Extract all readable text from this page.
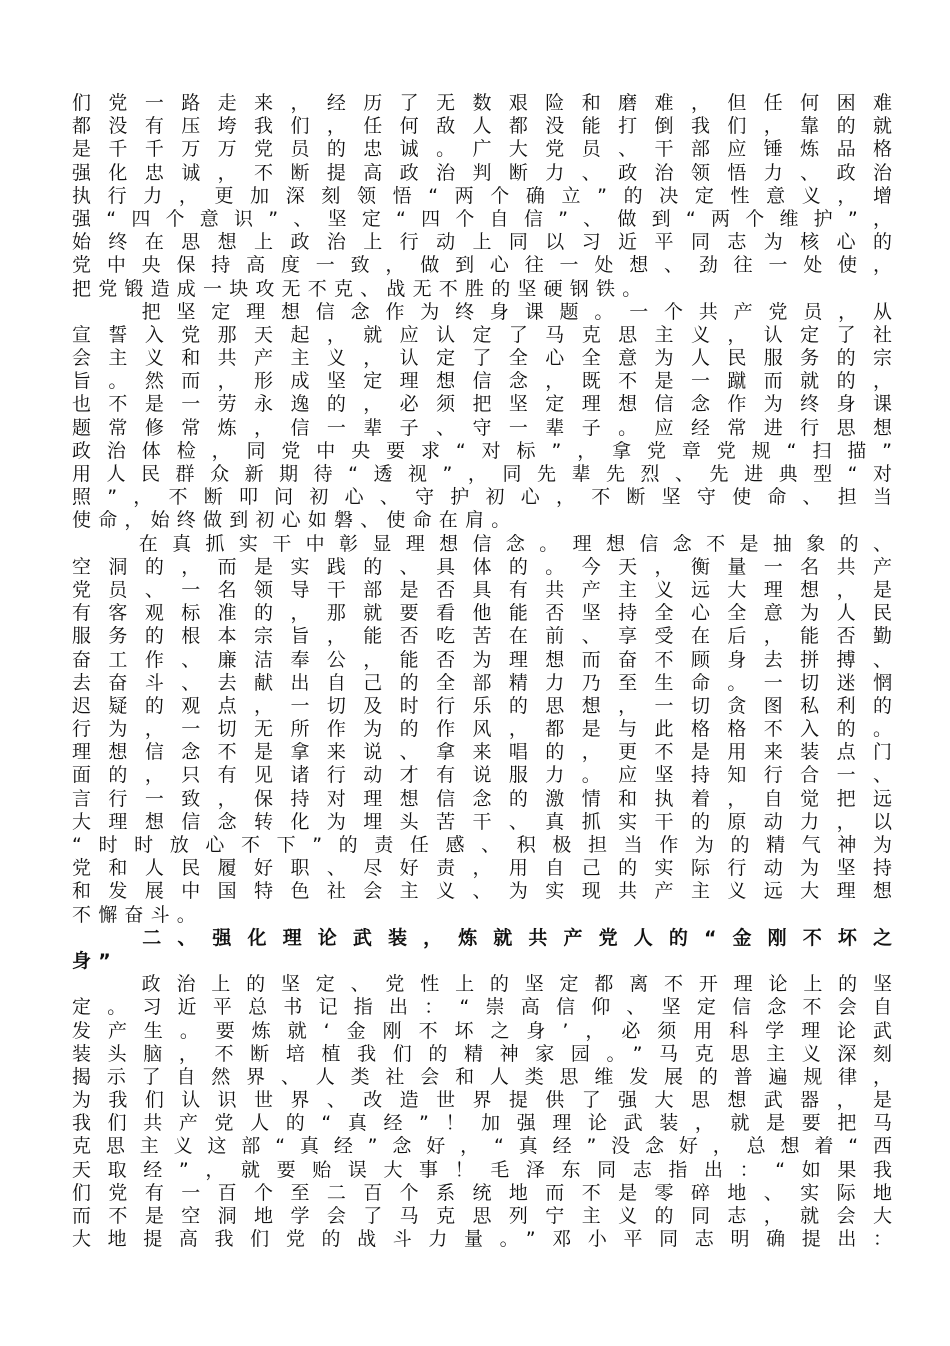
们党一路走来，经历了无数艰险和磨难，但任何困难
都没有压垮我们，任何敌人都没能打倒我们，靠的就
是千千万万党员的忠诚。广大党员、干部应锤炼品格
强化忠诚，不断提高政治判断力、政治领悟力、政治
执行力，更加深刻领悟“两个确立”的决定性意义，增
强“四个意识”、坚定“四个自信”、做到“两个维护”，
始终在思想上政治上行动上同以习近平同志为核心的
党中央保持高度一致，做到心往一处想、劲往一处使，
把党锻造成一块攻无不克、战无不胜的坚硬钢铁。
　　把坚定理想信念作为终身课题。一个共产党员，从
宣誓入党那天起，就应认定了马克思主义，认定了社
会主义和共产主义，认定了全心全意为人民服务的宗
旨。然而，形成坚定理想信念，既不是一蹴而就的，
也不是一劳永逸的，必须把坚定理想信念作为终身课
题常修常炼，信一辈子、守一辈子。应经常进行思想
政治体检，同党中央要求“对标”，拿党章党规“扫描”
用人民群众新期待“透视”，同先辈先烈、先进典型“对
照”，不断叩问初心、守护初心，不断坚守使命、担当
使命，始终做到初心如磐、使命在肩。
　　在真抓实干中彰显理想信念。理想信念不是抽象的、
空洞的，而是实践的、具体的。今天，衡量一名共产
党员、一名领导干部是否具有共产主义远大理想，是
有客观标准的，那就要看他能否坚持全心全意为人民
服务的根本宗旨，能否吃苦在前、享受在后，能否勤
奋工作、廉洁奉公，能否为理想而奋不顾身去拼搏、
去奋斗、去献出自己的全部精力乃至生命。一切迷惘
迟疑的观点，一切及时行乐的思想，一切贪图私利的
行为，一切无所作为的作风，都是与此格格不入的。
理想信念不是拿来说、拿来唱的，更不是用来装点门
面的，只有见诸行动才有说服力。应坚持知行合一、
言行一致，保持对理想信念的激情和执着，自觉把远
大理想信念转化为埋头苦干、真抓实干的原动力，以
“时时放心不下”的责任感、积极担当作为的精气神为
党和人民履好职、尽好责，用自己的实际行动为坚持
和发展中国特色社会主义、为实现共产主义远大理想
不懈奋斗。
　　二、强化理论武装，炼就共产党人的“金刚不坏之
身”
　　政治上的坚定、党性上的坚定都离不开理论上的坚
定。习近平总书记指出：“崇高信仰、坚定信念不会自
发产生。要炼就‘金刚不坏之身’，必须用科学理论武
装头脑，不断培植我们的精神家园。”马克思主义深刻
揭示了自然界、人类社会和人类思维发展的普遍规律，
为我们认识世界、改造世界提供了强大思想武器，是
我们共产党人的“真经”！加强理论武装，就是要把马
克思主义这部“真经”念好，“真经”没念好，总想着“西
天取经”，就要贻误大事！毛泽东同志指出：“如果我
们党有一百个至二百个系统地而不是零碎地、实际地
而不是空洞地学会了马克思列宁主义的同志，就会大
大地提高我们党的战斗力量。”邓小平同志明确提出：
